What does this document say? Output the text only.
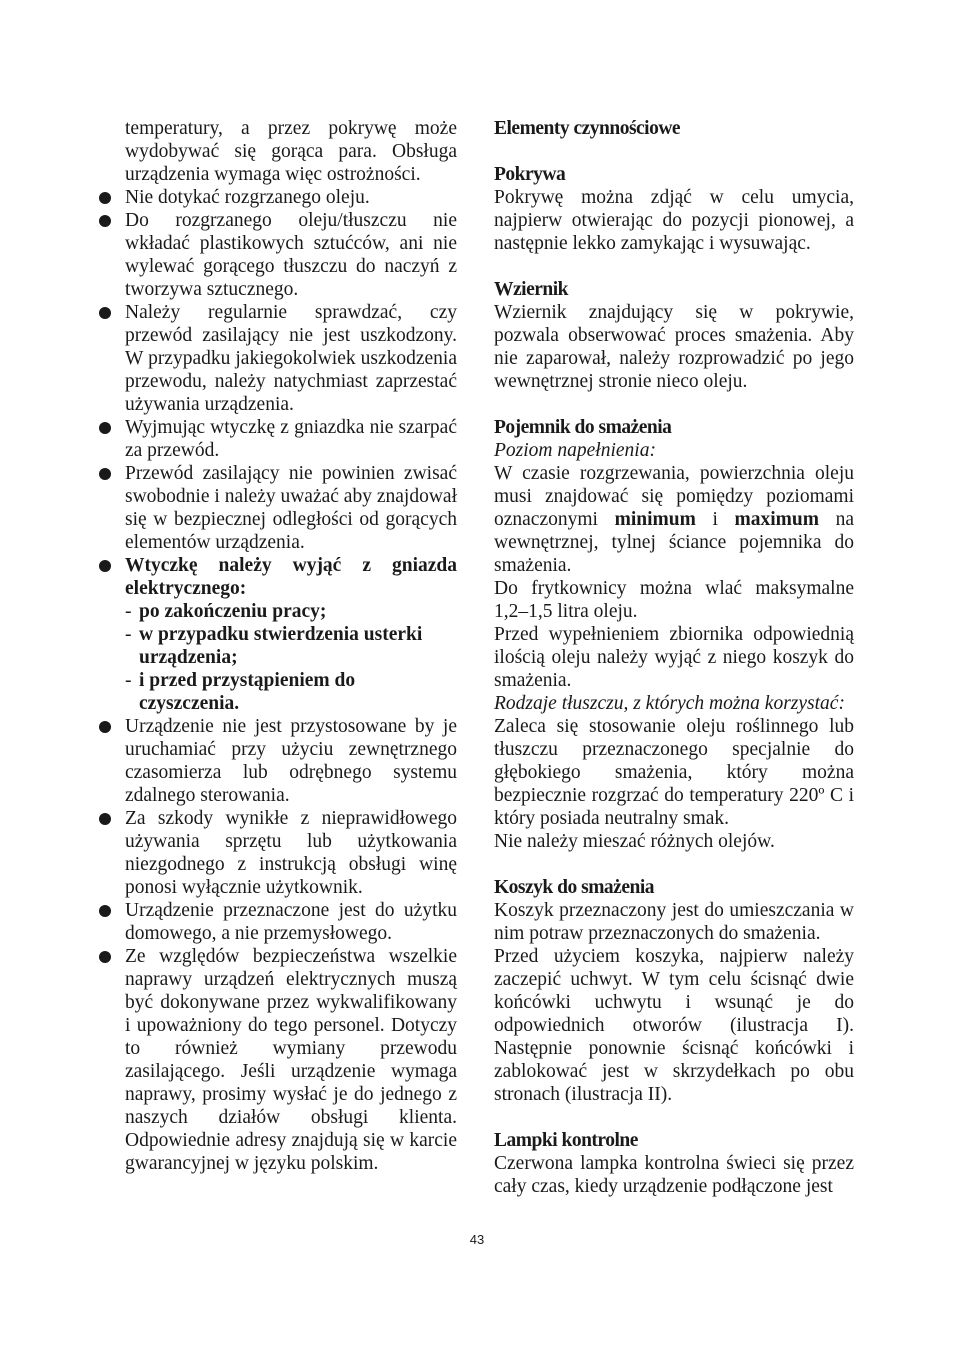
temperatury, a przez pokrywę może wydobywać się gorąca para. Obsługa urządzenia wymaga więc ostrożności.

Nie dotykać rozgrzanego oleju.
Do rozgrzanego oleju/tłuszczu nie wkładać plastikowych sztućców, ani nie wylewać gorącego tłuszczu do naczyń z tworzywa sztucznego.
Należy regularnie sprawdzać, czy przewód zasilający nie jest uszkodzony. W przypadku jakiegokolwiek uszkodzenia przewodu, należy natychmiast zaprzestać używania urządzenia.
Wyjmując wtyczkę z gniazdka nie szarpać za przewód.
Przewód zasilający nie powinien zwisać swobodnie i należy uważać aby znajdował się w bezpiecznej odległości od gorących elementów urządzenia.
Wtyczkę należy wyjąć z gniazda elektrycznego:
- po zakończeniu pracy;
- w przypadku stwierdzenia usterki urządzenia;
- i przed przystąpieniem do czyszczenia.
Urządzenie nie jest przystosowane by je uruchamiać przy użyciu zewnętrznego czasomierza lub odrębnego systemu zdalnego sterowania.
Za szkody wynikłe z nieprawidłowego używania sprzętu lub użytkowania niezgodnego z instrukcją obsługi winę ponosi wyłącznie użytkownik.
Urządzenie przeznaczone jest do użytku domowego, a nie przemysłowego.
Ze względów bezpieczeństwa wszelkie naprawy urządzeń elektrycznych muszą być dokonywane przez wykwalifikowany i upoważniony do tego personel. Dotyczy to również wymiany przewodu zasilającego. Jeśli urządzenie wymaga naprawy, prosimy wysłać je do jednego z naszych działów obsługi klienta. Odpowiednie adresy znajdują się w karcie gwarancyjnej w języku polskim.
Elementy czynnościowe
Pokrywa

Pokrywę można zdjąć w celu umycia, najpierw otwierając do pozycji pionowej, a następnie lekko zamykając i wysuwając.

Wziernik

Wziernik znajdujący się w pokrywie, pozwala obserwować proces smażenia. Aby nie zaparował, należy rozprowadzić po jego wewnętrznej stronie nieco oleju.

Pojemnik do smażenia

Poziom napełnienia:

W czasie rozgrzewania, powierzchnia oleju musi znajdować się pomiędzy poziomami oznaczonymi minimum i maximum na wewnętrznej, tylnej ściance pojemnika do smażenia.

Do frytkownicy można wlać maksymalne 1,2–1,5 litra oleju.

Przed wypełnieniem zbiornika odpowiednią ilością oleju należy wyjąć z niego koszyk do smażenia.

Rodzaje tłuszczu, z których można korzystać:

Zaleca się stosowanie oleju roślinnego lub tłuszczu przeznaczonego specjalnie do głębokiego smażenia, który można bezpiecznie rozgrzać do temperatury 220º C i który posiada neutralny smak.

Nie należy mieszać różnych olejów.

Koszyk do smażenia

Koszyk przeznaczony jest do umieszczania w nim potraw przeznaczonych do smażenia.

Przed użyciem koszyka, najpierw należy zaczepić uchwyt. W tym celu ścisnąć dwie końcówki uchwytu i wsunąć je do odpowiednich otworów (ilustracja I). Następnie ponownie ścisnąć końcówki i zablokować jest w skrzydełkach po obu stronach (ilustracja II).

Lampki kontrolne

Czerwona lampka kontrolna świeci się przez cały czas, kiedy urządzenie podłączone jest

43
